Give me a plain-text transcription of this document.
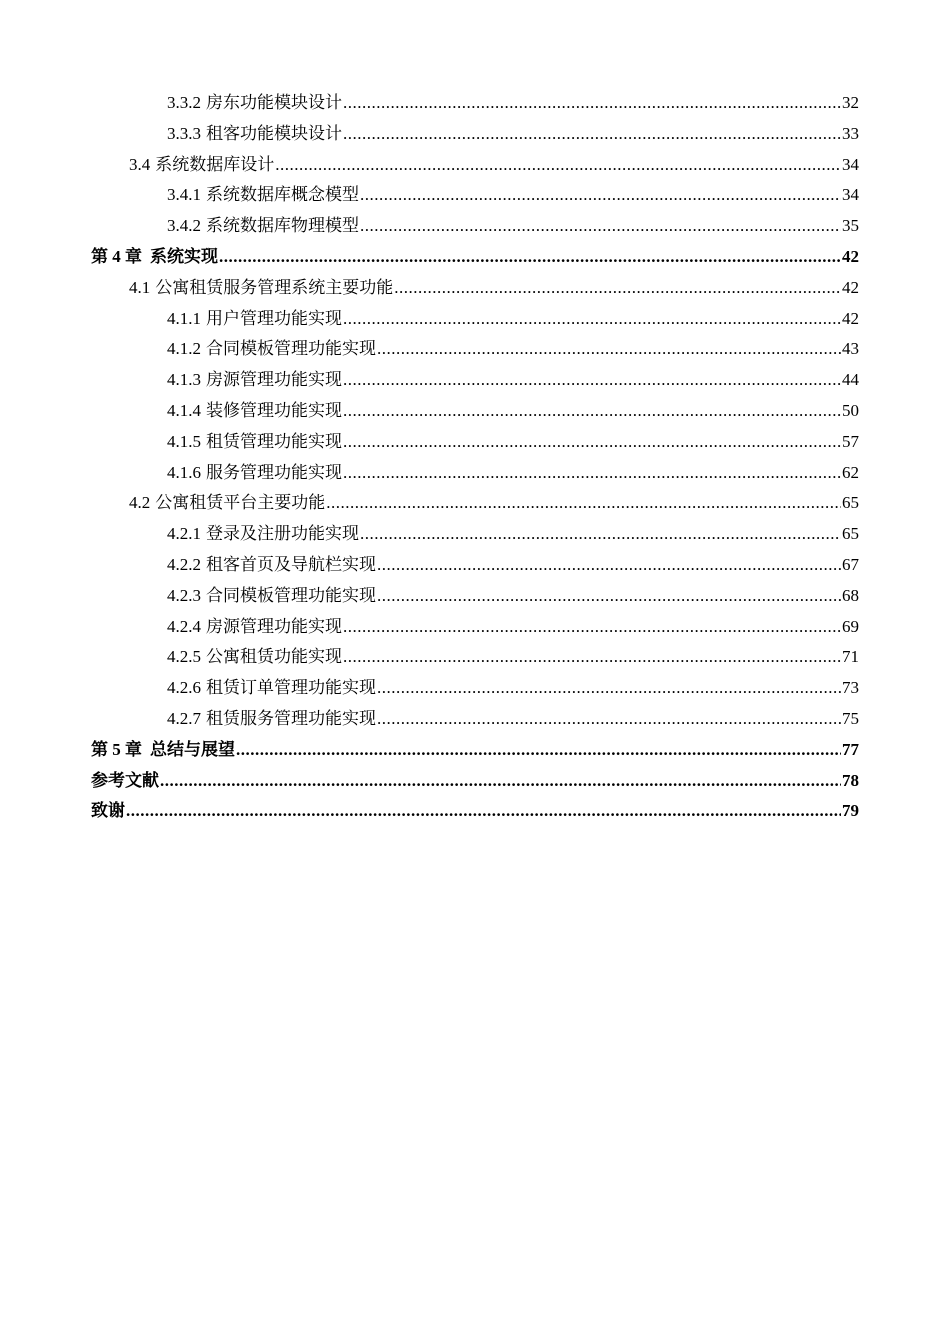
3.3.2 房东功能模块设计 .....	32
3.3.3 租客功能模块设计 .....	33
3.4 系统数据库设计 .....	34
3.4.1 系统数据库概念模型 .....	34
3.4.2 系统数据库物理模型 .....	35
第 4 章 系统实现 .....	42
4.1 公寓租赁服务管理系统主要功能 .....	42
4.1.1 用户管理功能实现 .....	42
4.1.2 合同模板管理功能实现 .....	43
4.1.3 房源管理功能实现 .....	44
4.1.4 装修管理功能实现 .....	50
4.1.5 租赁管理功能实现 .....	57
4.1.6 服务管理功能实现 .....	62
4.2 公寓租赁平台主要功能 .....	65
4.2.1 登录及注册功能实现 .....	65
4.2.2 租客首页及导航栏实现 .....	67
4.2.3 合同模板管理功能实现 .....	68
4.2.4 房源管理功能实现 .....	69
4.2.5 公寓租赁功能实现 .....	71
4.2.6 租赁订单管理功能实现 .....	73
4.2.7 租赁服务管理功能实现 .....	75
第 5 章 总结与展望 .....	77
参考文献 .....	78
致谢 .....	79
